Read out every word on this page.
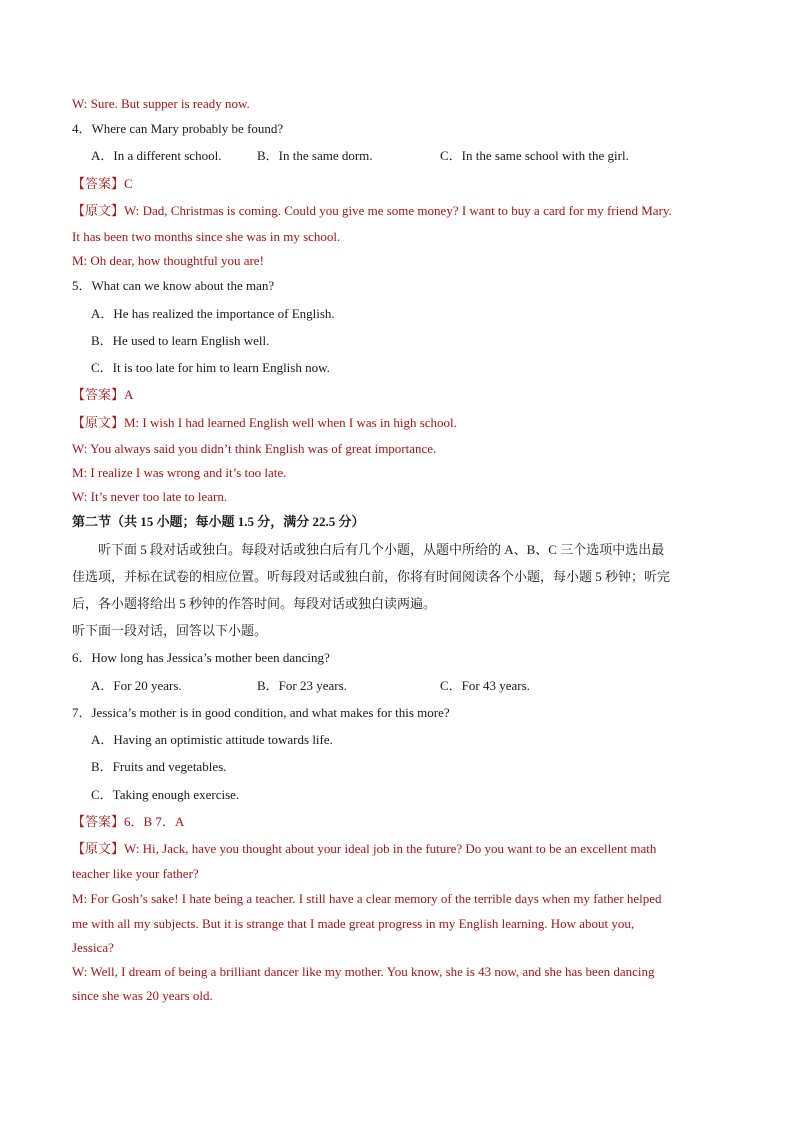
W: Sure. But supper is ready now.
4．Where can Mary probably be found?
A．In a different school.	B．In the same dorm.	C．In the same school with the girl.
【答案】C
【原文】W: Dad, Christmas is coming. Could you give me some money? I want to buy a card for my friend Mary.
It has been two months since she was in my school.
M: Oh dear, how thoughtful you are!
5．What can we know about the man?
A．He has realized the importance of English.
B．He used to learn English well.
C．It is too late for him to learn English now.
【答案】A
【原文】M: I wish I had learned English well when I was in high school.
W: You always said you didn’t think English was of great importance.
M: I realize I was wrong and it’s too late.
W: It’s never too late to learn.
第二节（共 15 小题；每小题 1.5 分，满分 22.5 分）
听下面 5 段对话或独白。每段对话或独白后有几个小题，从题中所给的 A、B、C 三个选项中选出最
佳选项，并标在试卷的相应位置。听每段对话或独白前，你将有时间阅读各个小题，每小题 5 秒钟；听完
后，各小题将给出 5 秒钟的作答时间。每段对话或独白读两遍。
听下面一段对话，回答以下小题。
6．How long has Jessica’s mother been dancing?
A．For 20 years.	B．For 23 years.	C．For 43 years.
7．Jessica’s mother is in good condition, and what makes for this more?
A．Having an optimistic attitude towards life.
B．Fruits and vegetables.
C．Taking enough exercise.
【答案】6．B 7．A
【原文】W: Hi, Jack, have you thought about your ideal job in the future? Do you want to be an excellent math
teacher like your father?
M: For Gosh’s sake! I hate being a teacher. I still have a clear memory of the terrible days when my father helped
me with all my subjects. But it is strange that I made great progress in my English learning. How about you,
Jessica?
W: Well, I dream of being a brilliant dancer like my mother. You know, she is 43 now, and she has been dancing
since she was 20 years old.
